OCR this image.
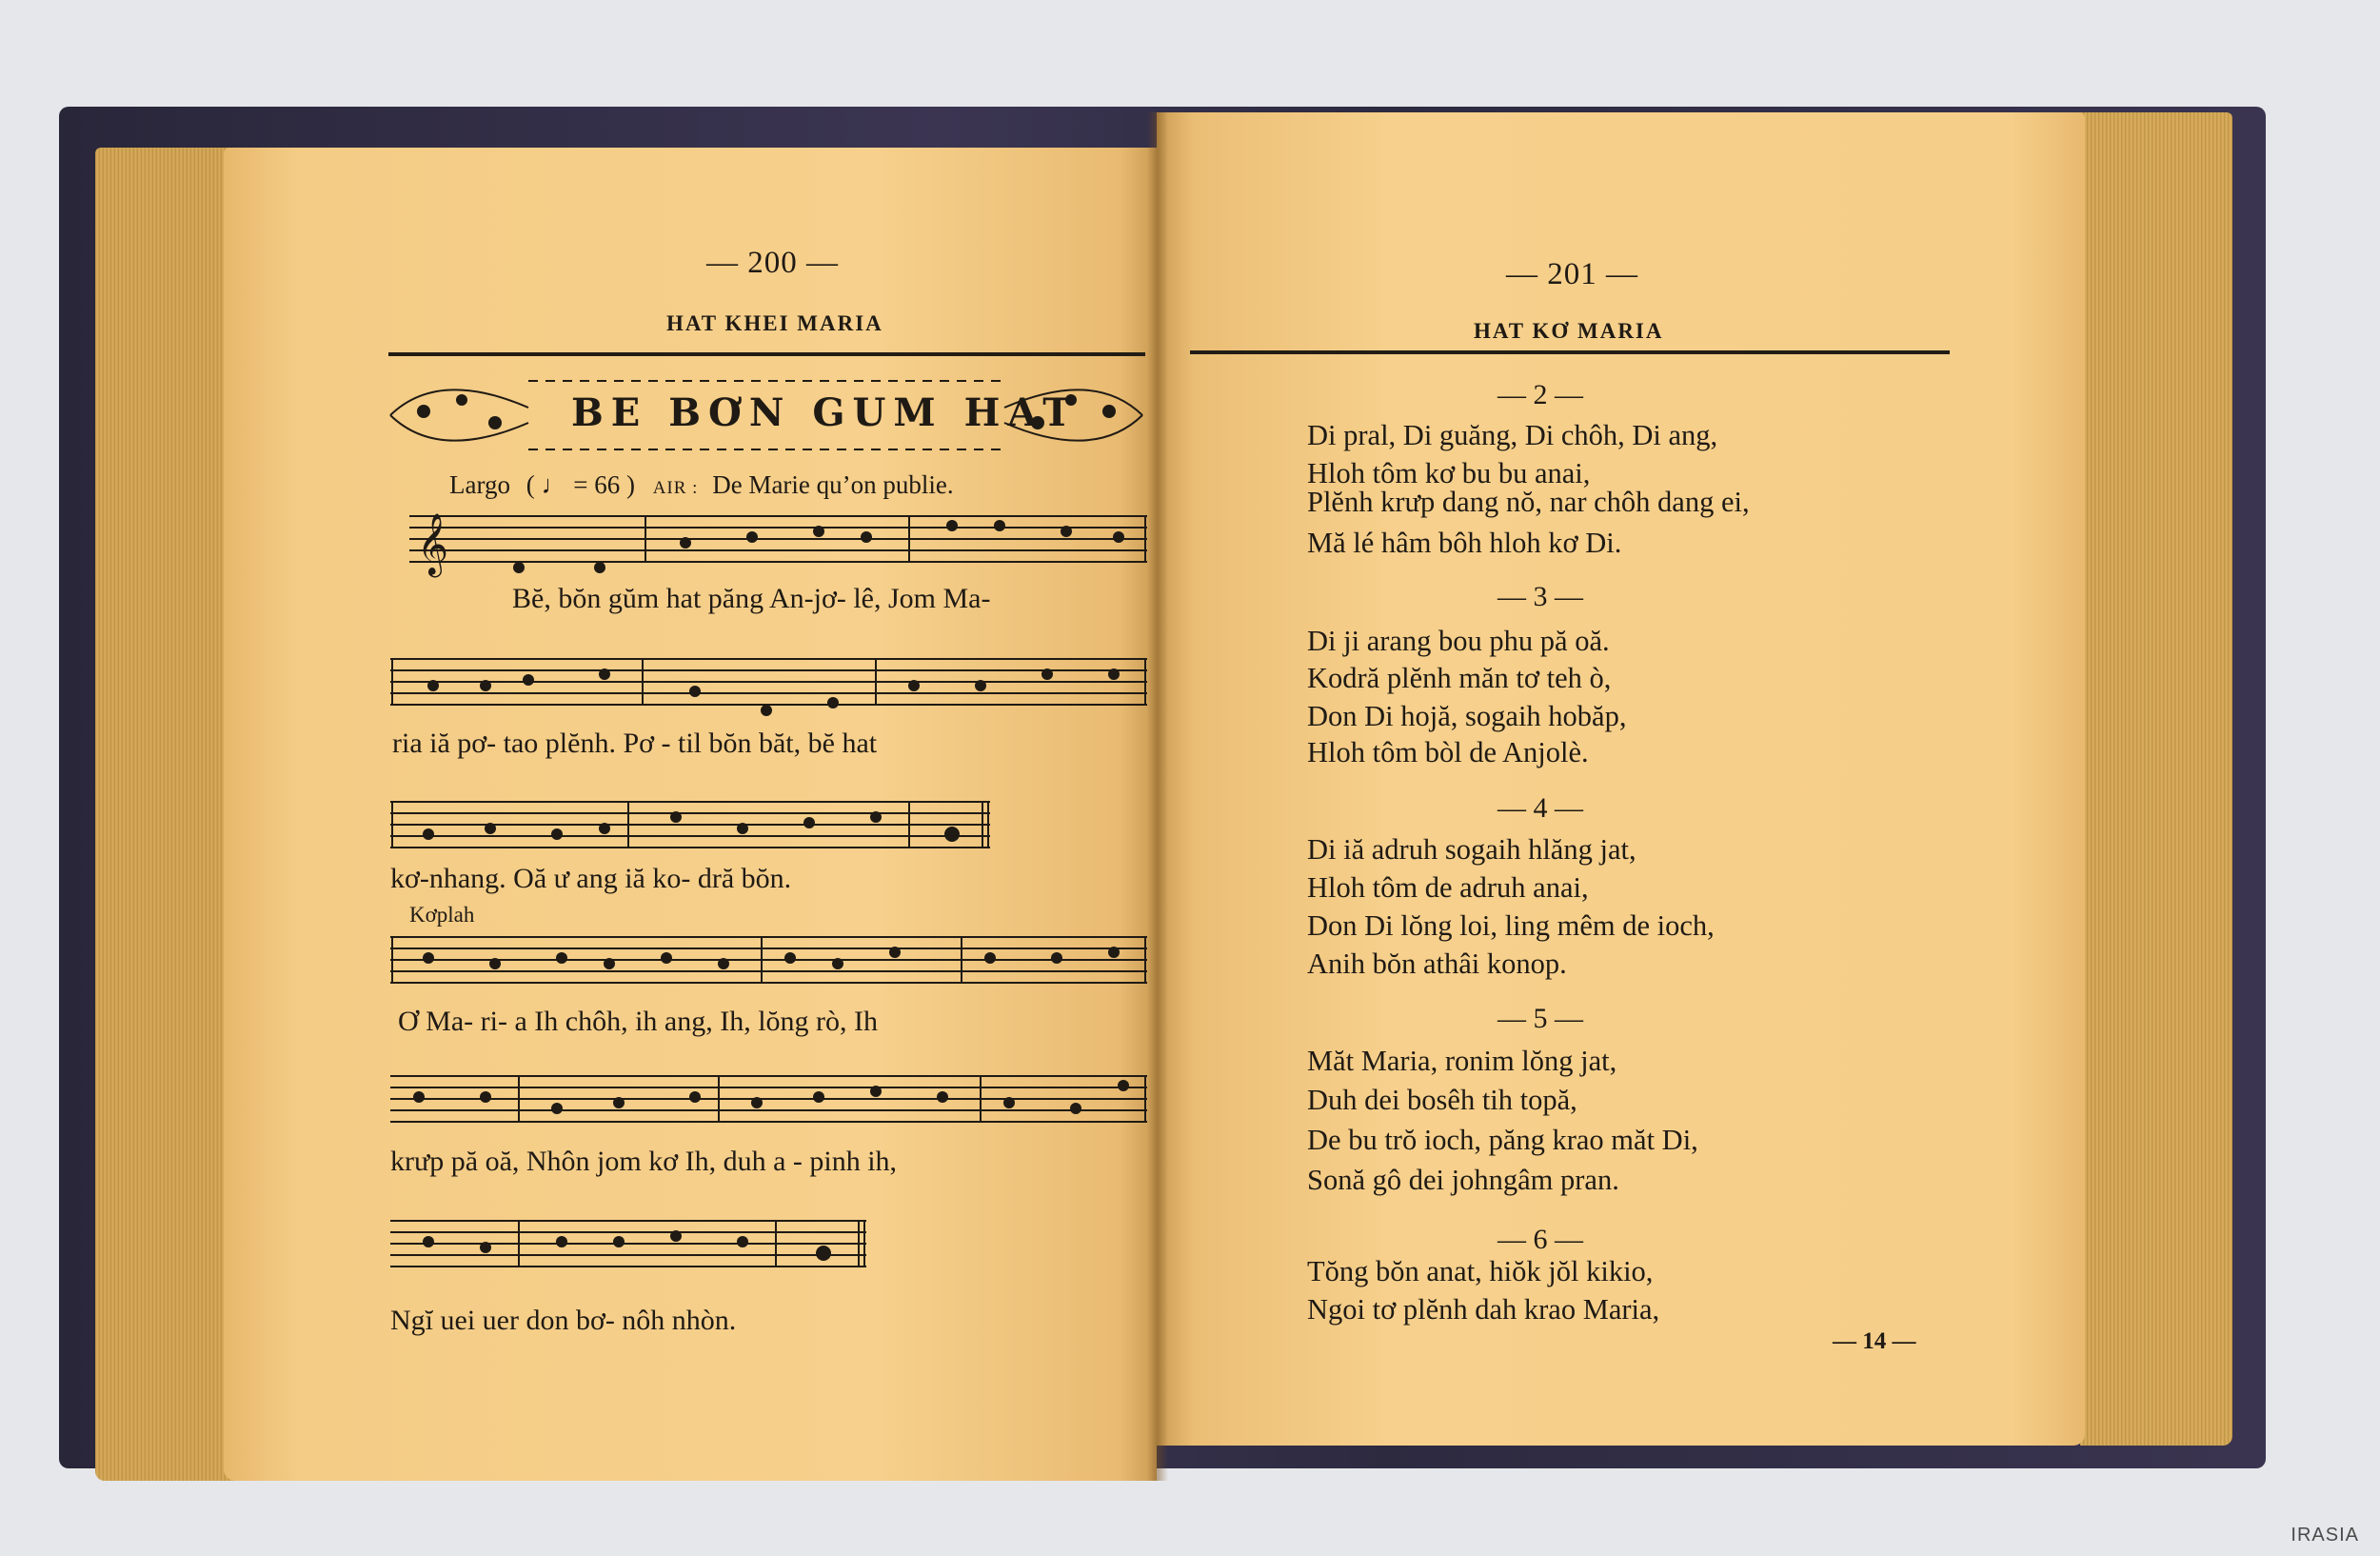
— 200 —
HAT KHEI MARIA
BE BƠN GUM HAT
Largo ( ♩ = 66 ) AIR : De Marie qu’on publie.
𝄞
Bĕ, bŏn gŭm hat păng An-jơ- lê, Jom Ma-
ria iă pơ- tao plĕnh. Pơ - til bŏn băt, bĕ hat
kơ-nhang. Oă ư ang iă ko- dră bŏn.
Kơplah
Ơ Ma- ri- a Ih chôh, ih ang, Ih, lŏng rò, Ih
krưp pă oă, Nhôn jom kơ Ih, duh a - pinh ih,
Ngĭ uei uer don bơ- nôh nhòn.
— 201 —
HAT KƠ MARIA
— 2 —
Di pral, Di guăng, Di chôh, Di ang,
Hloh tôm kơ bu bu anai,
Plĕnh krưp dang nŏ, nar chôh dang ei,
Mă lé hâm bôh hloh kơ Di.
— 3 —
Di ji arang bou phu pă oă.
Kodră plĕnh măn tơ teh ò,
Don Di hojă, sogaih hobăp,
Hloh tôm bòl de Anjolè.
— 4 —
Di iă adruh sogaih hlăng jat,
Hloh tôm de adruh anai,
Don Di lŏng loi, ling mêm de ioch,
Anih bŏn athâi konop.
— 5 —
Măt Maria, ronim lŏng jat,
Duh dei bosêh tih topă,
De bu trŏ ioch, păng krao măt Di,
Sonă gô dei johngâm pran.
— 6 —
Tŏng bŏn anat, hiŏk jŏl kikio,
Ngoi tơ plĕnh dah krao Maria,
— 14 —
IRASIA
